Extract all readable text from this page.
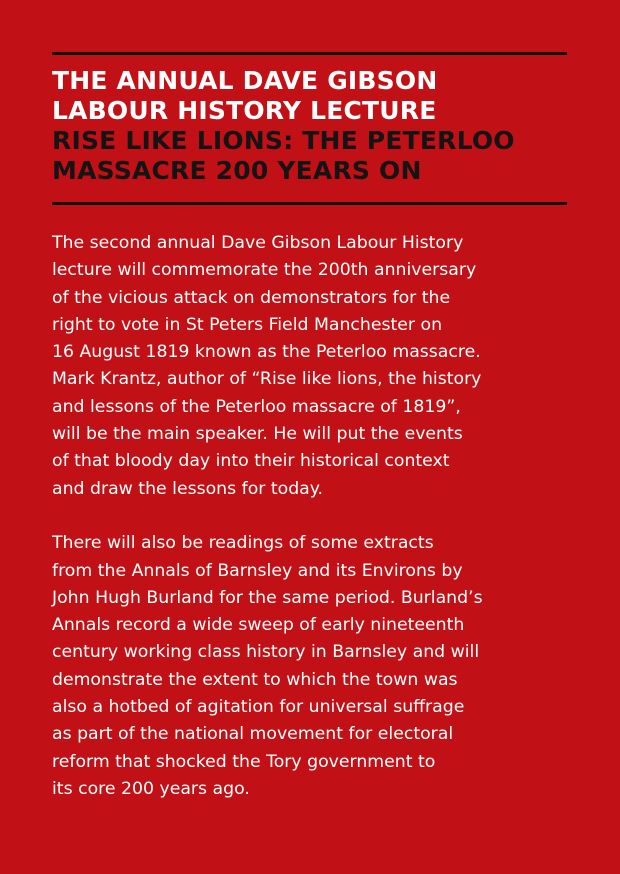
THE ANNUAL DAVE GIBSON
LABOUR HISTORY LECTURE
RISE LIKE LIONS: THE PETERLOO
MASSACRE 200 YEARS ON

The second annual Dave Gibson Labour History
lecture will commemorate the 200th anniversary
of the vicious attack on demonstrators for the
right to vote in St Peters Field Manchester on
16 August 1819 known as the Peterloo massacre.
Mark Krantz, author of “Rise like lions, the history
and lessons of the Peterloo massacre of 1819”,
will be the main speaker. He will put the events
of that bloody day into their historical context
and draw the lessons for today.

There will also be readings of some extracts
from the Annals of Barnsley and its Environs by
John Hugh Burland for the same period. Burland’s
Annals record a wide sweep of early nineteenth
century working class history in Barnsley and will
demonstrate the extent to which the town was
also a hotbed of agitation for universal suffrage
as part of the national movement for electoral
reform that shocked the Tory government to
its core 200 years ago.
